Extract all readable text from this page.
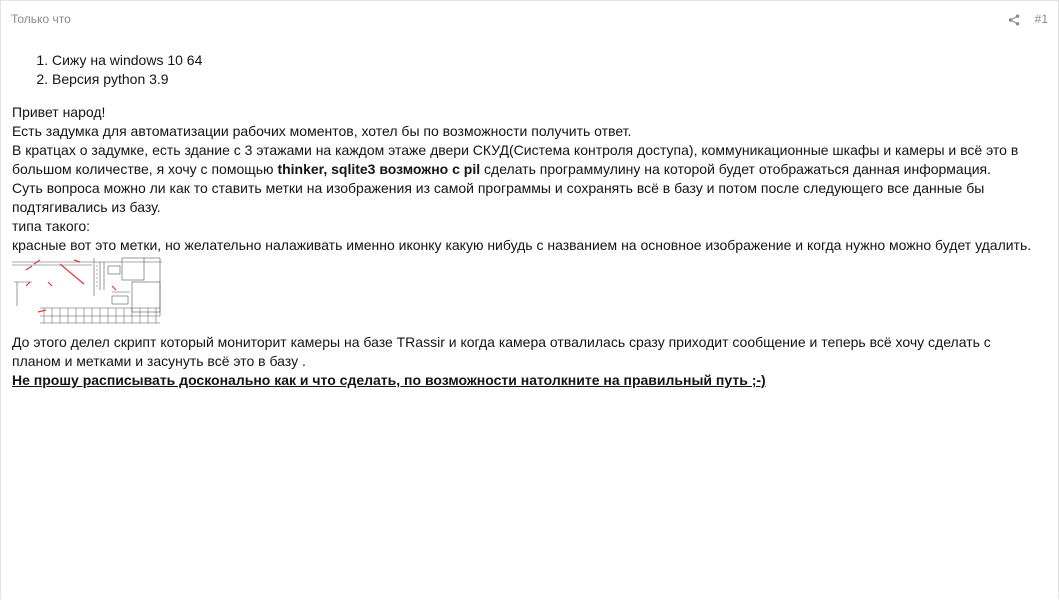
Только что	#1
1. Сижу на windows 10 64
2. Версия python 3.9

Привет народ!

Есть задумка для автоматизации рабочих моментов, хотел бы по возможности получить ответ.

В кратцах о задумке, есть здание с 3 этажами на каждом этаже двери СКУД(Система контроля доступа), коммуникационные шкафы и камеры и всё это в большом количестве, я хочу с помощью thinker, sqlite3 возможно с pil сделать программулину на которой будет отображаться данная информация.

Суть вопроса можно ли как то ставить метки на изображения из самой программы и сохранять всё в базу и потом после следующего все данные бы подтягивались из базу.

типа такого:

красные вот это метки, но желательно налаживать именно иконку какую нибудь с названием на основное изображение и когда нужно можно будет удалить.

До этого делел скрипт который мониторит камеры на базе TRassir и когда камера отвалилась сразу приходит сообщение и теперь всё хочу сделать с планом и метками и засунуть всё это в базу .

Не прошу расписывать досконально как и что сделать, по возможности натолкните на правильный путь ;-)
